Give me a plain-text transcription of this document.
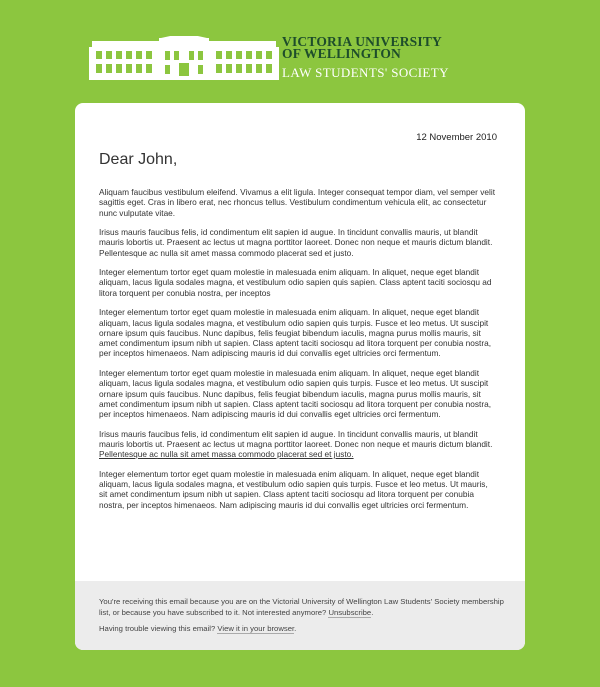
VICTORIA UNIVERSITY
OF WELLINGTON
LAW STUDENTS' SOCIETY
12 November 2010
Dear John,

Aliquam faucibus vestibulum eleifend. Vivamus a elit ligula. Integer consequat tempor diam, vel semper velit sagittis eget. Cras in libero erat, nec rhoncus tellus. Vestibulum condimentum vehicula elit, ac consectetur nunc vulputate vitae.

Irisus mauris faucibus felis, id condimentum elit sapien id augue. In tincidunt convallis mauris, ut blandit mauris lobortis ut. Praesent ac lectus ut magna porttitor laoreet. Donec non neque et mauris dictum blandit. Pellentesque ac nulla sit amet massa commodo placerat sed et justo.

Integer elementum tortor eget quam molestie in malesuada enim aliquam. In aliquet, neque eget blandit aliquam, lacus ligula sodales magna, et vestibulum odio sapien quis sapien. Class aptent taciti sociosqu ad litora torquent per conubia nostra, per inceptos

Integer elementum tortor eget quam molestie in malesuada enim aliquam. In aliquet, neque eget blandit aliquam, lacus ligula sodales magna, et vestibulum odio sapien quis turpis. Fusce et leo metus. Ut suscipit ornare ipsum quis faucibus. Nunc dapibus, felis feugiat bibendum iaculis, magna purus mollis mauris, sit amet condimentum ipsum nibh ut sapien. Class aptent taciti sociosqu ad litora torquent per conubia nostra, per inceptos himenaeos. Nam adipiscing mauris id dui convallis eget ultricies orci fermentum.

Integer elementum tortor eget quam molestie in malesuada enim aliquam. In aliquet, neque eget blandit aliquam, lacus ligula sodales magna, et vestibulum odio sapien quis turpis. Fusce et leo metus. Ut suscipit ornare ipsum quis faucibus. Nunc dapibus, felis feugiat bibendum iaculis, magna purus mollis mauris, sit amet condimentum ipsum nibh ut sapien. Class aptent taciti sociosqu ad litora torquent per conubia nostra, per inceptos himenaeos. Nam adipiscing mauris id dui convallis eget ultricies orci fermentum.

Irisus mauris faucibus felis, id condimentum elit sapien id augue. In tincidunt convallis mauris, ut blandit mauris lobortis ut. Praesent ac lectus ut magna porttitor laoreet. Donec non neque et mauris dictum blandit. Pellentesque ac nulla sit amet massa commodo placerat sed et justo.

Integer elementum tortor eget quam molestie in malesuada enim aliquam. In aliquet, neque eget blandit aliquam, lacus ligula sodales magna, et vestibulum odio sapien quis turpis. Fusce et leo metus. Ut mauris, sit amet condimentum ipsum nibh ut sapien. Class aptent taciti sociosqu ad litora torquent per conubia nostra, per inceptos himenaeos. Nam adipiscing mauris id dui convallis eget ultricies orci fermentum.

You're receiving this email because you are on the Victorial University of Wellington Law Students' Society membership list, or because you have subscribed to it. Not interested anymore? Unsubscribe.

Having trouble viewing this email? View it in your browser.
